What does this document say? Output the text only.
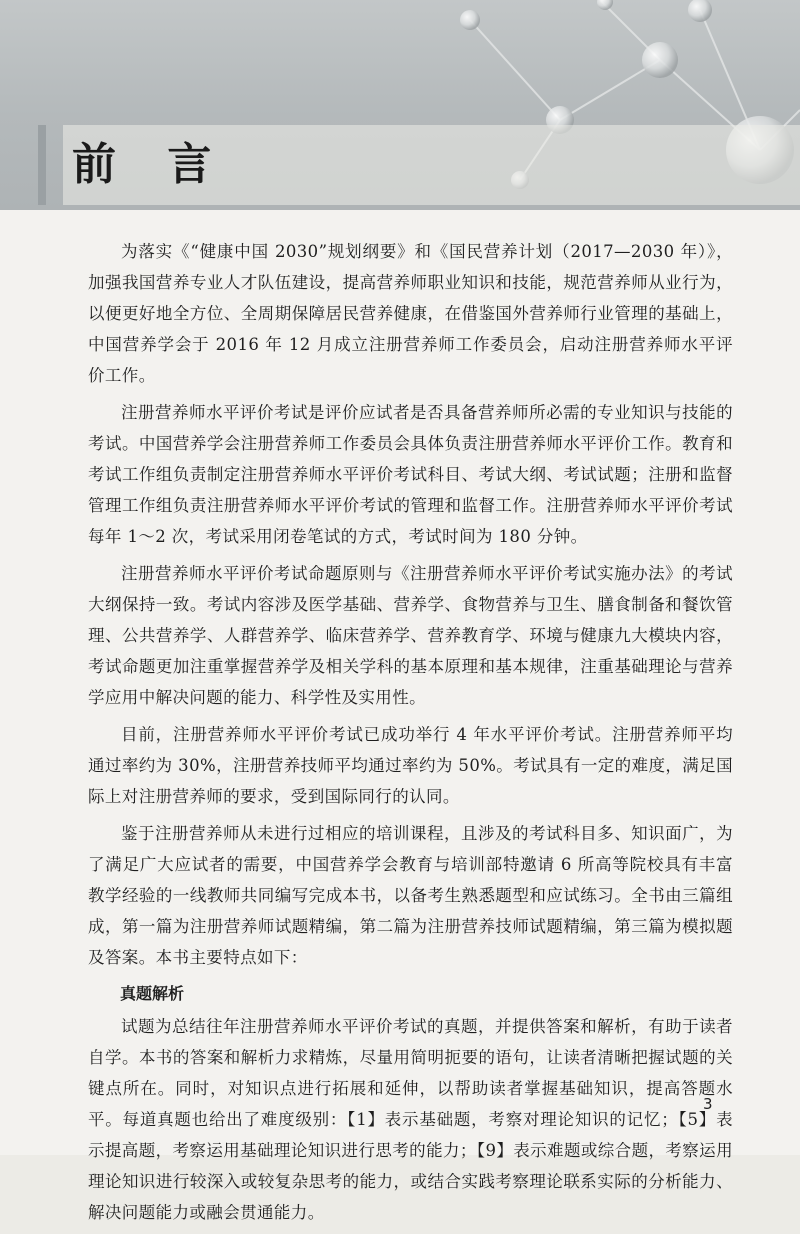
前 言

为落实《“健康中国 2030”规划纲要》和《国民营养计划（2017—2030 年）》，加强我国营养专业人才队伍建设，提高营养师职业知识和技能，规范营养师从业行为，以便更好地全方位、全周期保障居民营养健康，在借鉴国外营养师行业管理的基础上，中国营养学会于 2016 年 12 月成立注册营养师工作委员会，启动注册营养师水平评价工作。

注册营养师水平评价考试是评价应试者是否具备营养师所必需的专业知识与技能的考试。中国营养学会注册营养师工作委员会具体负责注册营养师水平评价工作。教育和考试工作组负责制定注册营养师水平评价考试科目、考试大纲、考试试题；注册和监督管理工作组负责注册营养师水平评价考试的管理和监督工作。注册营养师水平评价考试每年 1～2 次，考试采用闭卷笔试的方式，考试时间为 180 分钟。

注册营养师水平评价考试命题原则与《注册营养师水平评价考试实施办法》的考试大纲保持一致。考试内容涉及医学基础、营养学、食物营养与卫生、膳食制备和餐饮管理、公共营养学、人群营养学、临床营养学、营养教育学、环境与健康九大模块内容，考试命题更加注重掌握营养学及相关学科的基本原理和基本规律，注重基础理论与营养学应用中解决问题的能力、科学性及实用性。

目前，注册营养师水平评价考试已成功举行 4 年水平评价考试。注册营养师平均通过率约为 30%，注册营养技师平均通过率约为 50%。考试具有一定的难度，满足国际上对注册营养师的要求，受到国际同行的认同。

鉴于注册营养师从未进行过相应的培训课程，且涉及的考试科目多、知识面广，为了满足广大应试者的需要，中国营养学会教育与培训部特邀请 6 所高等院校具有丰富教学经验的一线教师共同编写完成本书，以备考生熟悉题型和应试练习。全书由三篇组成，第一篇为注册营养师试题精编，第二篇为注册营养技师试题精编，第三篇为模拟题及答案。本书主要特点如下：

真题解析

试题为总结往年注册营养师水平评价考试的真题，并提供答案和解析，有助于读者自学。本书的答案和解析力求精炼，尽量用简明扼要的语句，让读者清晰把握试题的关键点所在。同时，对知识点进行拓展和延伸，以帮助读者掌握基础知识，提高答题水平。每道真题也给出了难度级别：【1】表示基础题，考察对理论知识的记忆；【5】表示提高题，考察运用基础理论知识进行思考的能力；【9】表示难题或综合题，考察运用理论知识进行较深入或较复杂思考的能力，或结合实践考察理论联系实际的分析能力、解决问题能力或融会贯通能力。

3
